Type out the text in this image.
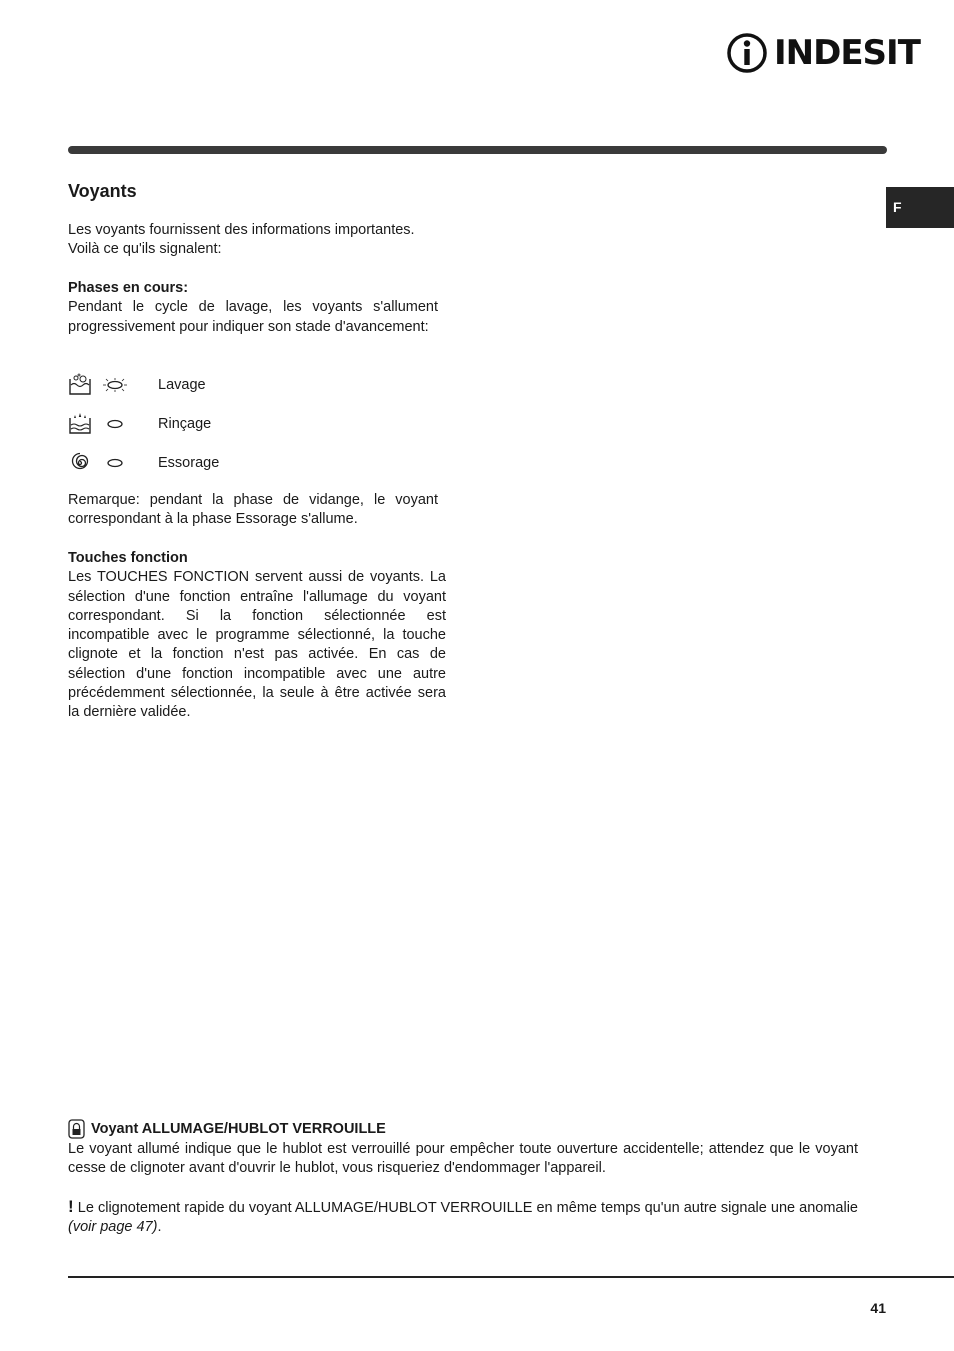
INDESIT
F
Voyants

Les voyants fournissent des informations importantes.

Voilà ce qu'ils signalent:

Phases en cours:

Pendant le cycle de lavage, les voyants s'allument progressivement pour indiquer son stade d'avancement:

Lavage
Rinçage
Essorage

Remarque: pendant la phase de vidange, le voyant correspondant à la phase Essorage s'allume.

Touches fonction

Les TOUCHES FONCTION servent aussi de voyants. La sélection d'une fonction entraîne l'allumage du voyant correspondant. Si la fonction sélectionnée est incompatible avec le programme sélectionné, la touche clignote et la fonction n'est pas activée. En cas de sélection d'une fonction incompatible avec une autre précédemment sélectionnée, la seule à être activée sera la dernière validée.

Voyant ALLUMAGE/HUBLOT VERROUILLE
Le voyant allumé indique que le hublot est verrouillé pour empêcher toute ouverture accidentelle; attendez que le voyant cesse de clignoter avant d'ouvrir le hublot, vous risqueriez d'endommager l'appareil.
! Le clignotement rapide du voyant ALLUMAGE/HUBLOT VERROUILLE en même temps qu'un autre signale une anomalie (voir page 47).
41
